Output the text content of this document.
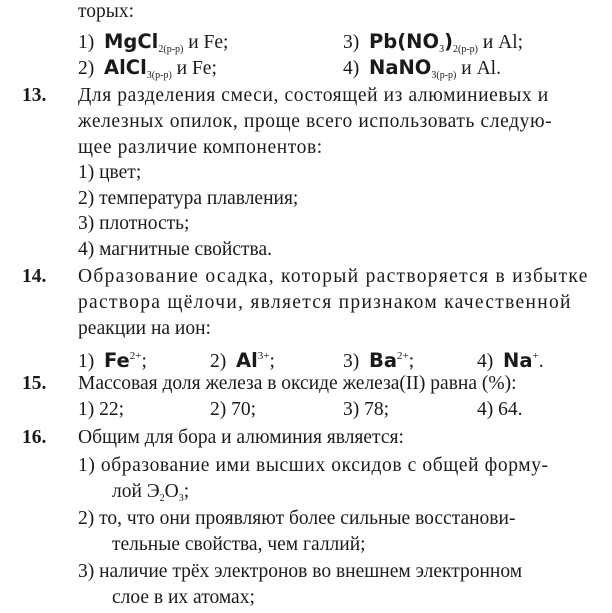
торых:
1) MgCl$_{2(р-р)}$ и Fe;	3) $Pb(NO_3)_{2(р-р)}$ и Al;
2) AlCl$_{3(р-р)}$ и Fe;	4) NaNO$_{3(р-р)}$ и Al.
13. Для разделения смеси, состоящей из алюминиевых и
железных опилок, проще всего использовать следую-
щее различие компонентов:
1) цвет;
2) температура плавления;
3) плотность;
4) магнитные свойства.
14. Образование осадка, который растворяется в избытке
раствора щёлочи, является признаком качественной
реакции на ион:
1) $Fe^{2+}$;	2) $Al^{3+}$;	3) $Ba^{2+}$;	4) Na+.
15. Массовая доля железа в оксиде железа(II) равна (%):
1) 22;	2) 70;	3) 78;	4) 64.
16. Общим для бора и алюминия является:
1) образование ими высших оксидов с общей форму-
лой $Э_2O_3$;
2) то, что они проявляют более сильные восстанови-
тельные свойства, чем галлий;
3) наличие трёх электронов во внешнем электронном
слое в их атомах;
